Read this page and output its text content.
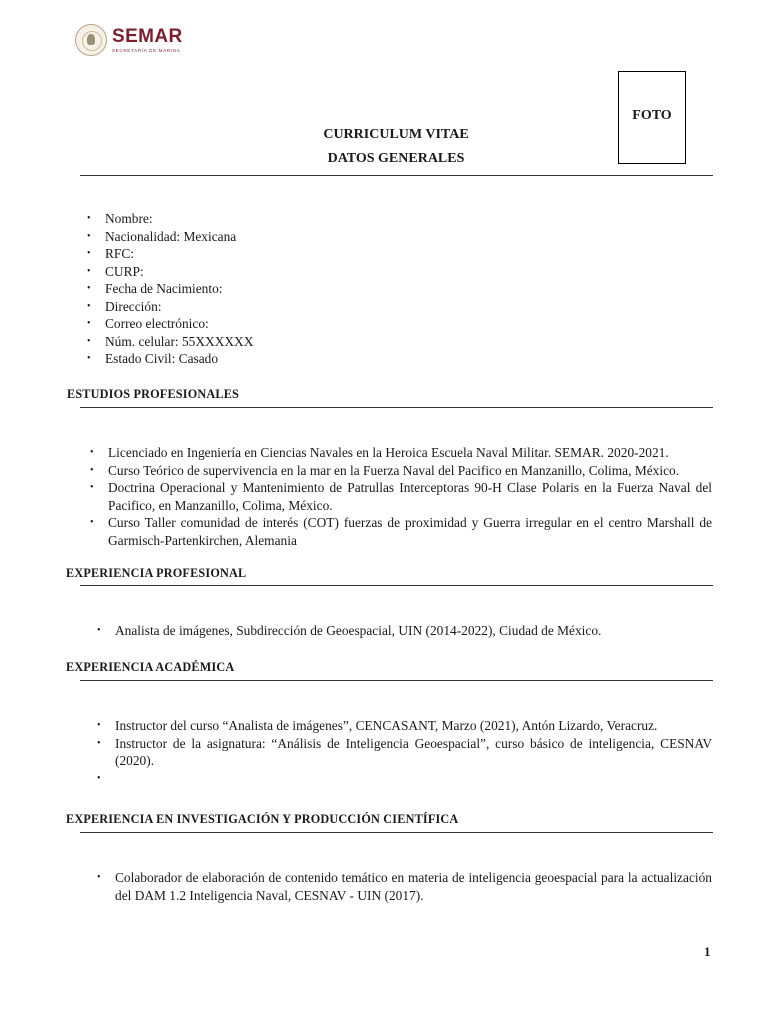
SEMAR
SECRETARÍA DE MARINA
FOTO
CURRICULUM VITAE
DATOS GENERALES
• Nombre:
• Nacionalidad: Mexicana
• RFC:
• CURP:
• Fecha de Nacimiento:
• Dirección:
• Correo electrónico:
• Núm. celular: 55XXXXXX
• Estado Civil: Casado
ESTUDIOS PROFESIONALES
• Licenciado en Ingeniería en Ciencias Navales en la Heroica Escuela Naval Militar. SEMAR. 2020-2021.
• Curso Teórico de supervivencia en la mar en la Fuerza Naval del Pacifico en Manzanillo, Colima, México.
• Doctrina Operacional y Mantenimiento de Patrullas Interceptoras 90-H Clase Polaris en la Fuerza Naval del Pacifico, en Manzanillo, Colima, México.
• Curso Taller comunidad de interés (COT) fuerzas de proximidad y Guerra irregular en el centro Marshall de Garmisch-Partenkirchen, Alemania
EXPERIENCIA PROFESIONAL
• Analista de imágenes, Subdirección de Geoespacial, UIN (2014-2022), Ciudad de México.
EXPERIENCIA ACADÉMICA
• Instructor del curso “Analista de imágenes”, CENCASANT, Marzo (2021), Antón Lizardo, Veracruz.
• Instructor de la asignatura: “Análisis de Inteligencia Geoespacial”, curso básico de inteligencia, CESNAV (2020).
•
EXPERIENCIA EN INVESTIGACIÓN Y PRODUCCIÓN CIENTÍFICA
• Colaborador de elaboración de contenido temático en materia de inteligencia geoespacial para la actualización del DAM 1.2 Inteligencia Naval, CESNAV - UIN (2017).
1
